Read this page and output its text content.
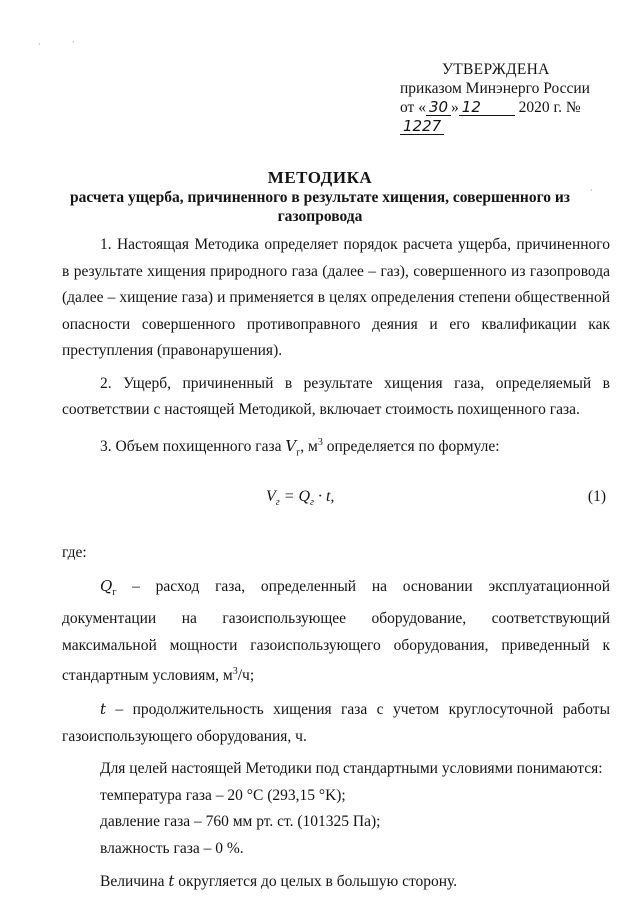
·	·
·
УТВЕРЖДЕНА
приказом Минэнерго России
от « 30 » 12 2020 г. № 1227
МЕТОДИКА
расчета ущерба, причиненного в результате хищения, совершенного из газопровода

1. Настоящая Методика определяет порядок расчета ущерба, причиненного в результате хищения природного газа (далее – газ), совершенного из газопровода (далее – хищение газа) и применяется в целях определения степени общественной опасности совершенного противоправного деяния и его квалификации как преступления (правонарушения).

2. Ущерб, причиненный в результате хищения газа, определяемый в соответствии с настоящей Методикой, включает стоимость похищенного газа.

3. Объем похищенного газа $V_г$, $м^3$ определяется по формуле:

$V_г = Q_г \cdot t$,	(1)

где:

$Q_г$ – расход газа, определенный на основании эксплуатационной документации на газоиспользующее оборудование, соответствующий максимальной мощности газоиспользующего оборудования, приведенный к стандартным условиям, $м^3/ч$;

t – продолжительность хищения газа с учетом круглосуточной работы газоиспользующего оборудования, ч.

Для целей настоящей Методики под стандартными условиями понимаются:

температура газа – 20 °С (293,15 °K);

давление газа – 760 мм рт. ст. (101325 Па);

влажность газа – 0 %.

Величина t округляется до целых в большую сторону.
